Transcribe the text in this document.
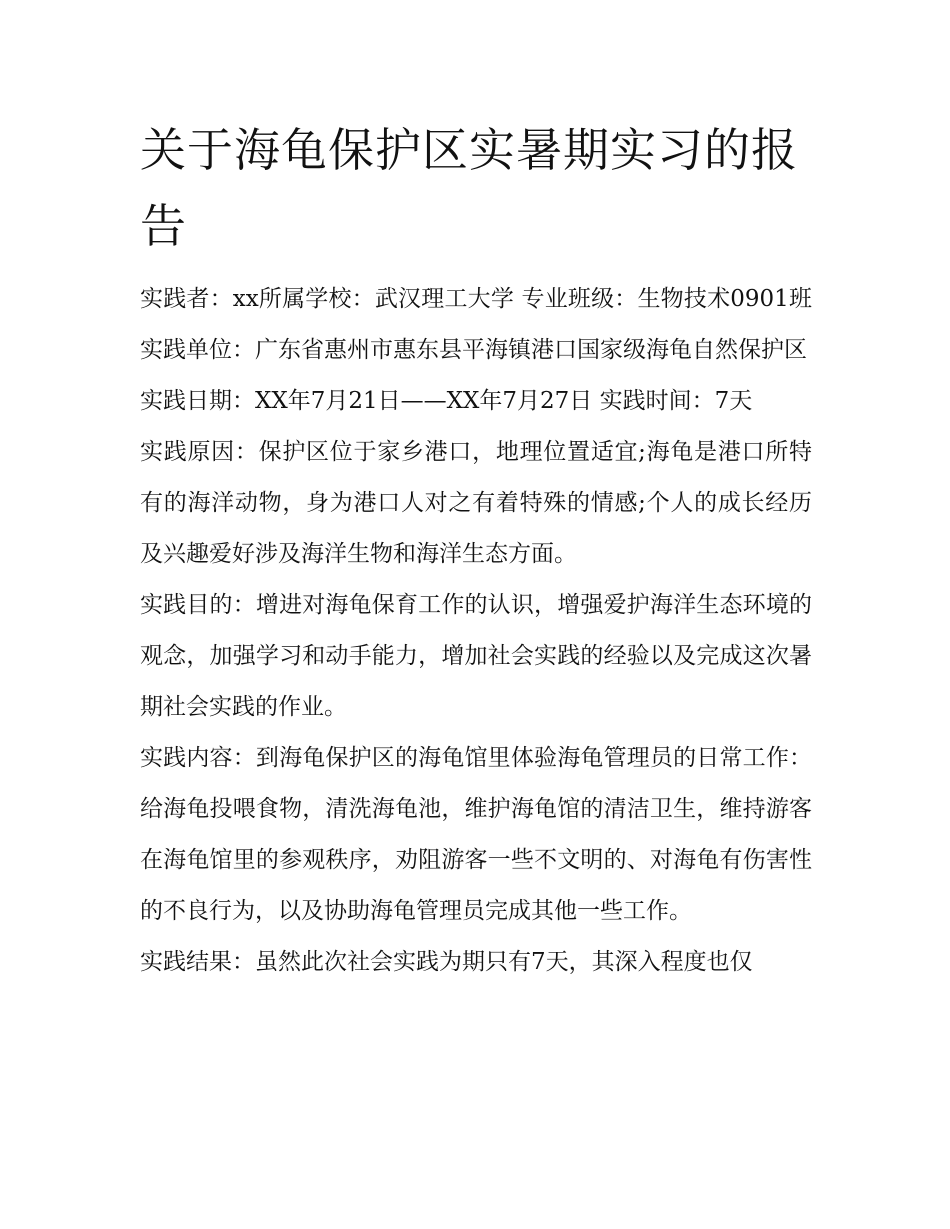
关于海龟保护区实暑期实习的报告

实践者：xx所属学校：武汉理工大学 专业班级：生物技术0901班 实践单位：广东省惠州市惠东县平海镇港口国家级海龟自然保护区

实践日期：XX年7月21日——XX年7月27日 实践时间：7天

实践原因：保护区位于家乡港口，地理位置适宜;海龟是港口所特有的海洋动物，身为港口人对之有着特殊的情感;个人的成长经历及兴趣爱好涉及海洋生物和海洋生态方面。

实践目的：增进对海龟保育工作的认识，增强爱护海洋生态环境的观念，加强学习和动手能力，增加社会实践的经验以及完成这次暑期社会实践的作业。

实践内容：到海龟保护区的海龟馆里体验海龟管理员的日常工作：给海龟投喂食物，清洗海龟池，维护海龟馆的清洁卫生，维持游客在海龟馆里的参观秩序，劝阻游客一些不文明的、对海龟有伤害性的不良行为，以及协助海龟管理员完成其他一些工作。

实践结果：虽然此次社会实践为期只有7天，其深入程度也仅
